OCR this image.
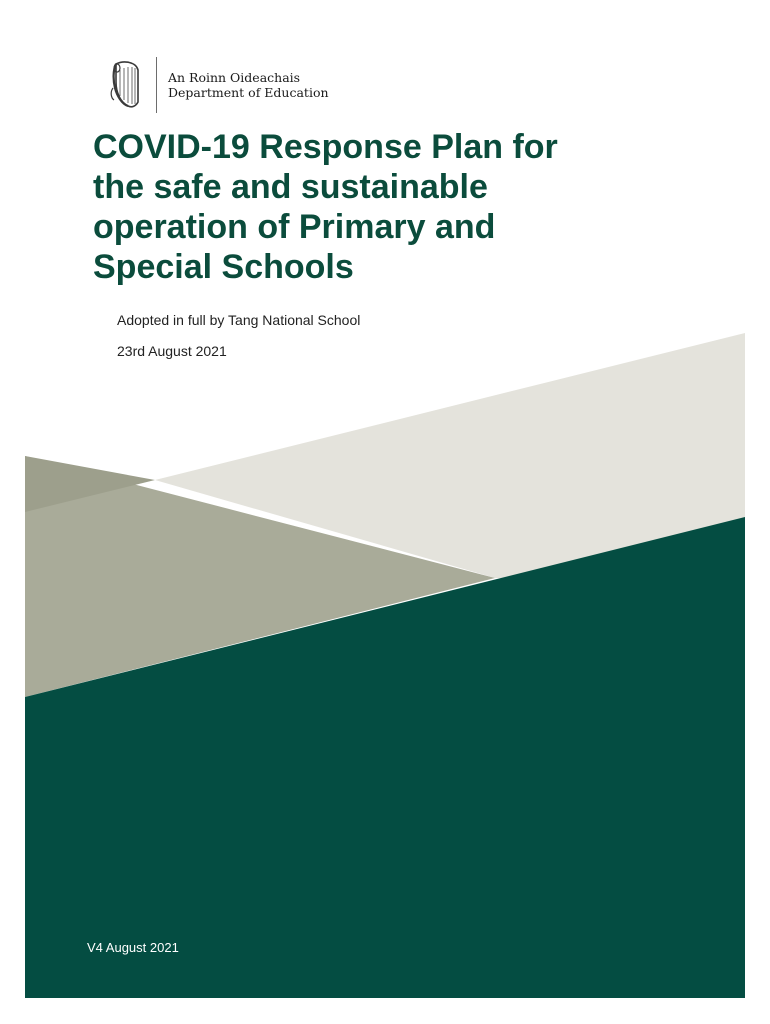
An Roinn Oideachais
Department of Education
COVID-19 Response Plan for
the safe and sustainable
operation of Primary and
Special Schools
Adopted in full by Tang National School
23rd August 2021
V4 August 2021
